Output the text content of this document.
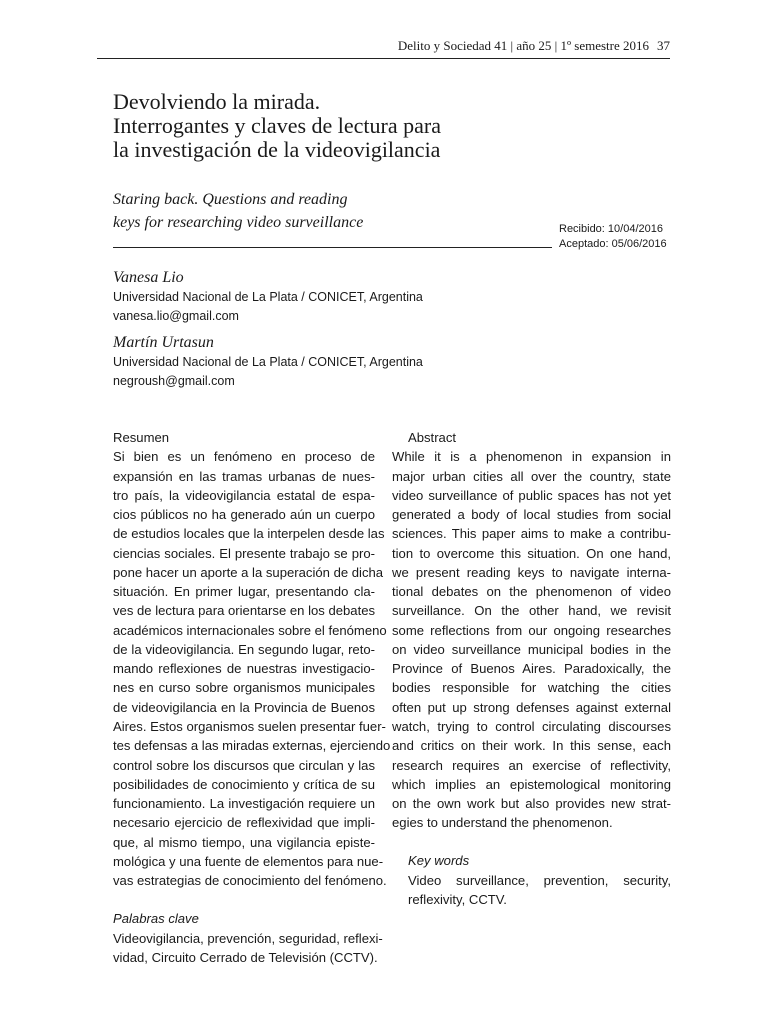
Delito y Sociedad 41 | año 25 | 1º semestre 2016 37
Devolviendo la mirada.
Interrogantes y claves de lectura para
la investigación de la videovigilancia
Staring back. Questions and reading
keys for researching video surveillance	Recibido: 10/04/2016
Aceptado: 05/06/2016
Vanesa Lio
Universidad Nacional de La Plata / CONICET, Argentina
vanesa.lio@gmail.com
Martín Urtasun
Universidad Nacional de La Plata / CONICET, Argentina
negroush@gmail.com
Resumen
Si bien es un fenómeno en proceso de
expansión en las tramas urbanas de nues-
tro país, la videovigilancia estatal de espa-
cios públicos no ha generado aún un cuerpo
de estudios locales que la interpelen desde las
ciencias sociales. El presente trabajo se pro-
pone hacer un aporte a la superación de dicha
situación. En primer lugar, presentando cla-
ves de lectura para orientarse en los debates
académicos internacionales sobre el fenómeno
de la videovigilancia. En segundo lugar, reto-
mando reflexiones de nuestras investigacio-
nes en curso sobre organismos municipales
de videovigilancia en la Provincia de Buenos
Aires. Estos organismos suelen presentar fuer-
tes defensas a las miradas externas, ejerciendo
control sobre los discursos que circulan y las
posibilidades de conocimiento y crítica de su
funcionamiento. La investigación requiere un
necesario ejercicio de reflexividad que impli-
que, al mismo tiempo, una vigilancia episte-
mológica y una fuente de elementos para nue-
vas estrategias de conocimiento del fenómeno.
Abstract
While it is a phenomenon in expansion in
major urban cities all over the country, state
video surveillance of public spaces has not yet
generated a body of local studies from social
sciences. This paper aims to make a contribu-
tion to overcome this situation. On one hand,
we present reading keys to navigate interna-
tional debates on the phenomenon of video
surveillance. On the other hand, we revisit
some reflections from our ongoing researches
on video surveillance municipal bodies in the
Province of Buenos Aires. Paradoxically, the
bodies responsible for watching the cities
often put up strong defenses against external
watch, trying to control circulating discourses
and critics on their work. In this sense, each
research requires an exercise of reflectivity,
which implies an epistemological monitoring
on the own work but also provides new strat-
egies to understand the phenomenon.
Palabras clave
Videovigilancia, prevención, seguridad, reflexi-
vidad, Circuito Cerrado de Televisión (CCTV).
Key words
Video surveillance, prevention, security,
reflexivity, CCTV.
